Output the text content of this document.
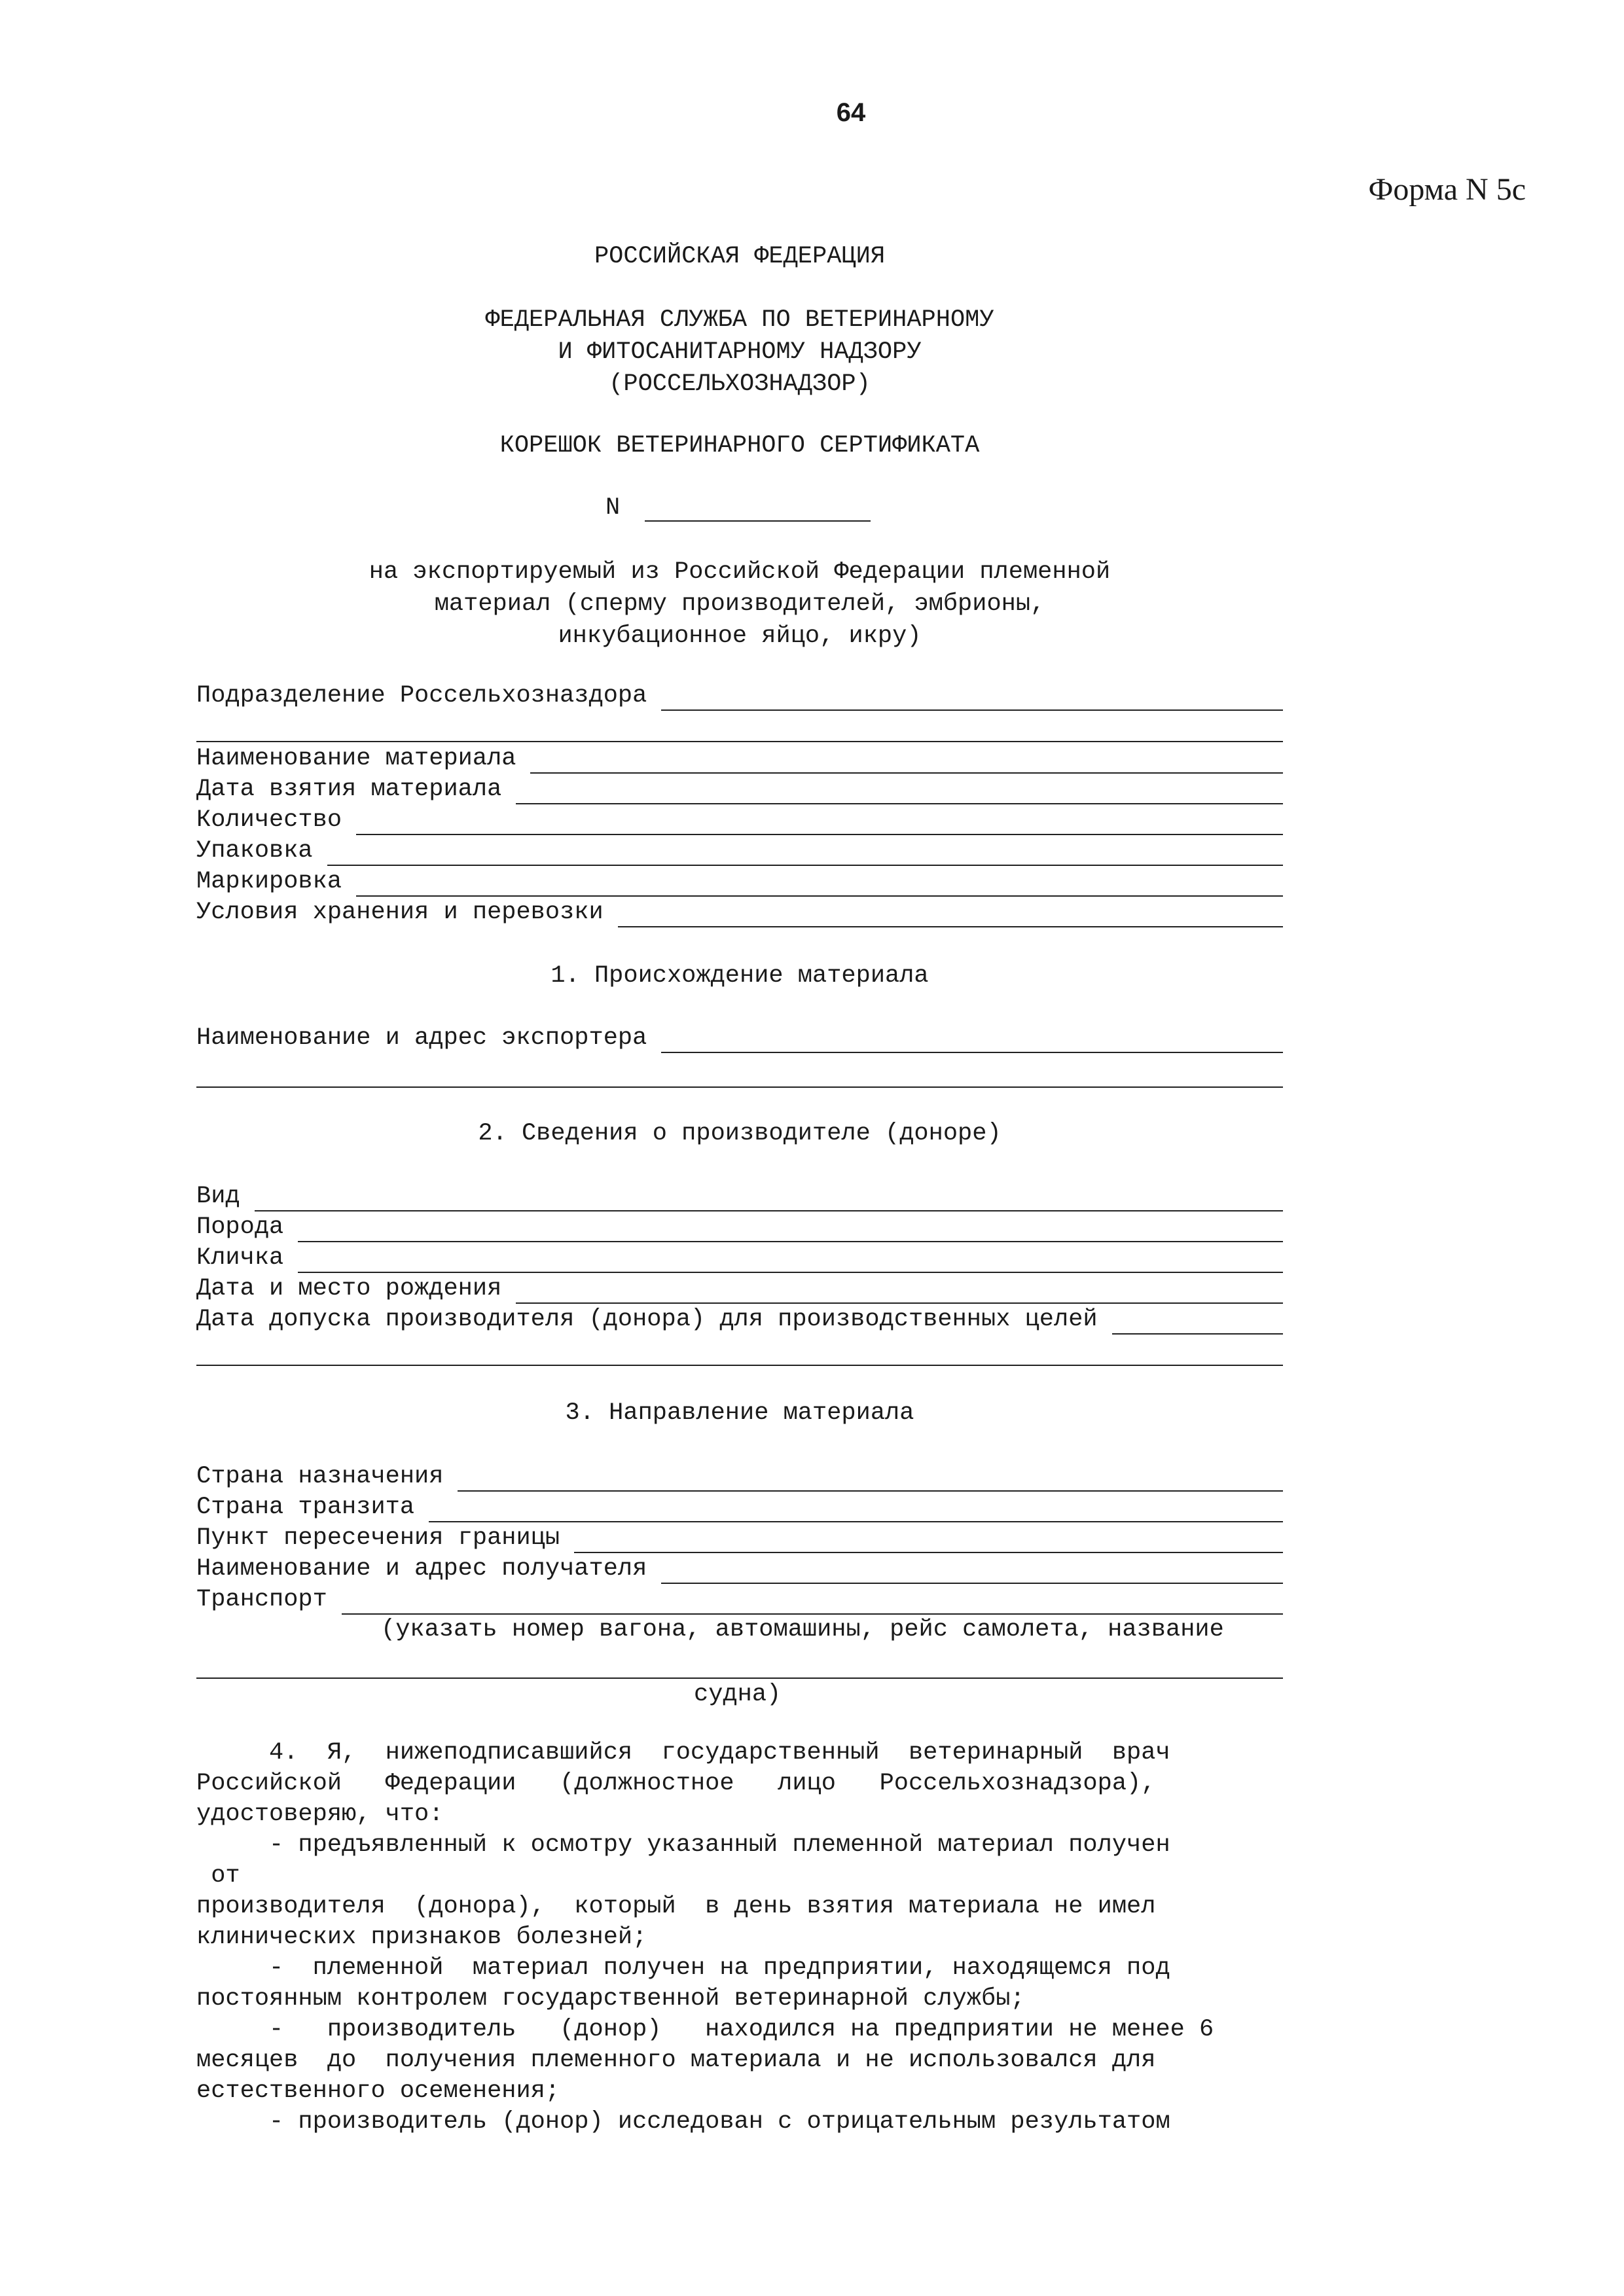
64
Форма N 5с
РОССИЙСКАЯ ФЕДЕРАЦИЯ
ФЕДЕРАЛЬНАЯ СЛУЖБА ПО ВЕТЕРИНАРНОМУ
И ФИТОСАНИТАРНОМУ НАДЗОРУ
(РОССЕЛЬХОЗНАДЗОР)
КОРЕШОК ВЕТЕРИНАРНОГО СЕРТИФИКАТА
N
на экспортируемый из Российской Федерации племенной
материал (сперму производителей, эмбрионы,
инкубационное яйцо, икру)
Подразделение Россельхозназдора
Наименование материала
Дата взятия материала
Количество
Упаковка
Маркировка
Условия хранения и перевозки
1. Происхождение материала
Наименование и адрес экспортера
2. Сведения о производителе (доноре)
Вид
Порода
Кличка
Дата и место рождения
Дата допуска производителя (донора) для производственных целей
3. Направление материала
Страна назначения
Страна транзита
Пункт пересечения границы
Наименование и адрес получателя
Транспорт
(указать номер вагона, автомашины, рейс самолета, название
судна)
4.  Я,  нижеподписавшийся  государственный  ветеринарный  врач
Российской   Федерации   (должностное   лицо   Россельхознадзора),
удостоверяю, что:
- предъявленный к осмотру указанный племенной материал получен
от
производителя  (донора),  который  в день взятия материала не имел
клинических признаков болезней;
-  племенной  материал получен на предприятии, находящемся под
постоянным контролем государственной ветеринарной службы;
-   производитель   (донор)   находился на предприятии не менее 6
месяцев  до  получения племенного материала и не использовался для
естественного осеменения;
- производитель (донор) исследован с отрицательным результатом
